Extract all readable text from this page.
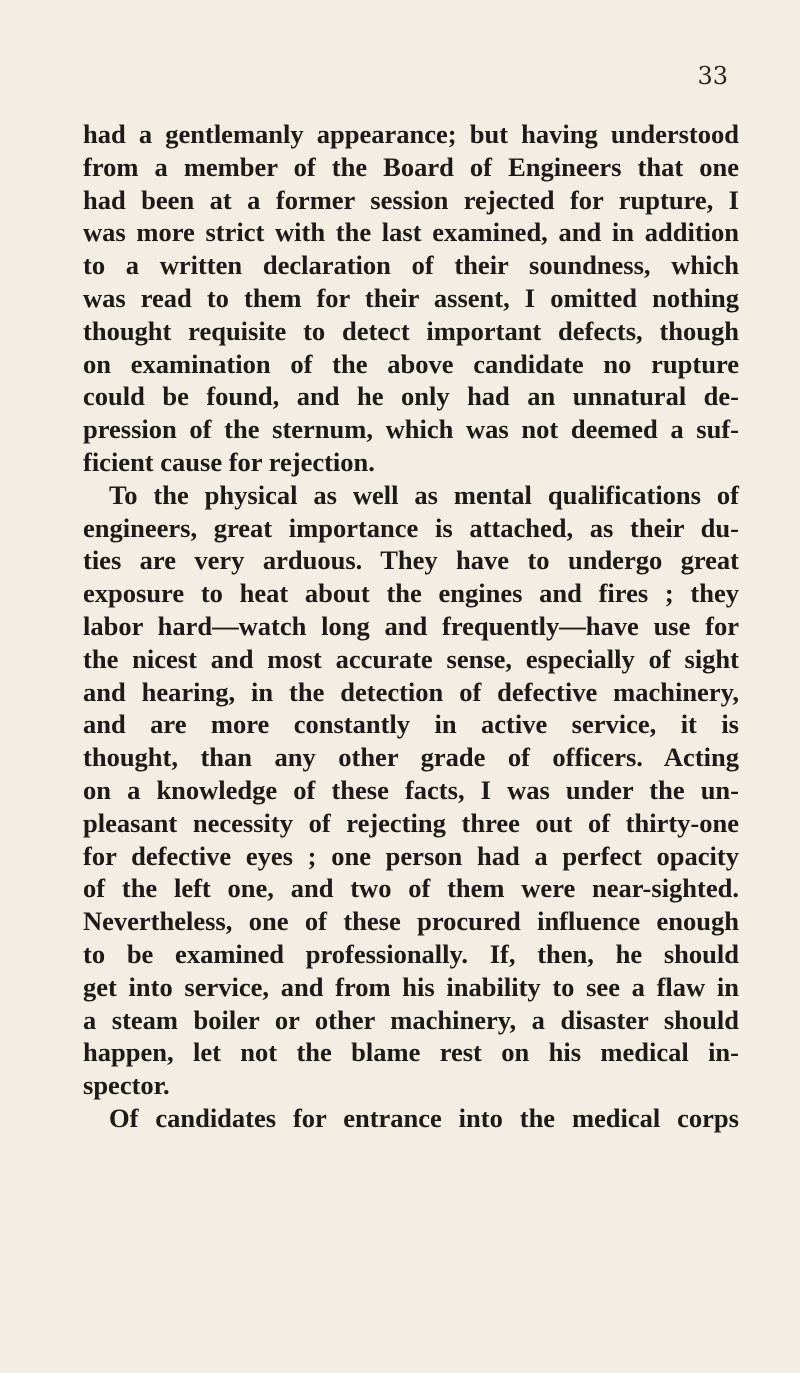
33
had a gentlemanly appearance; but having understood
from a member of the Board of Engineers that one
had been at a former session rejected for rupture, I
was more strict with the last examined, and in addition
to a written declaration of their soundness, which
was read to them for their assent, I omitted nothing
thought requisite to detect important defects, though
on examination of the above candidate no rupture
could be found, and he only had an unnatural de-
pression of the sternum, which was not deemed a suf-
ficient cause for rejection.
To the physical as well as mental qualifications of
engineers, great importance is attached, as their du-
ties are very arduous. They have to undergo great
exposure to heat about the engines and fires ; they
labor hard—watch long and frequently—have use for
the nicest and most accurate sense, especially of sight
and hearing, in the detection of defective machinery,
and are more constantly in active service, it is
thought, than any other grade of officers. Acting
on a knowledge of these facts, I was under the un-
pleasant necessity of rejecting three out of thirty-one
for defective eyes ; one person had a perfect opacity
of the left one, and two of them were near-sighted.
Nevertheless, one of these procured influence enough
to be examined professionally. If, then, he should
get into service, and from his inability to see a flaw in
a steam boiler or other machinery, a disaster should
happen, let not the blame rest on his medical in-
spector.
Of candidates for entrance into the medical corps
